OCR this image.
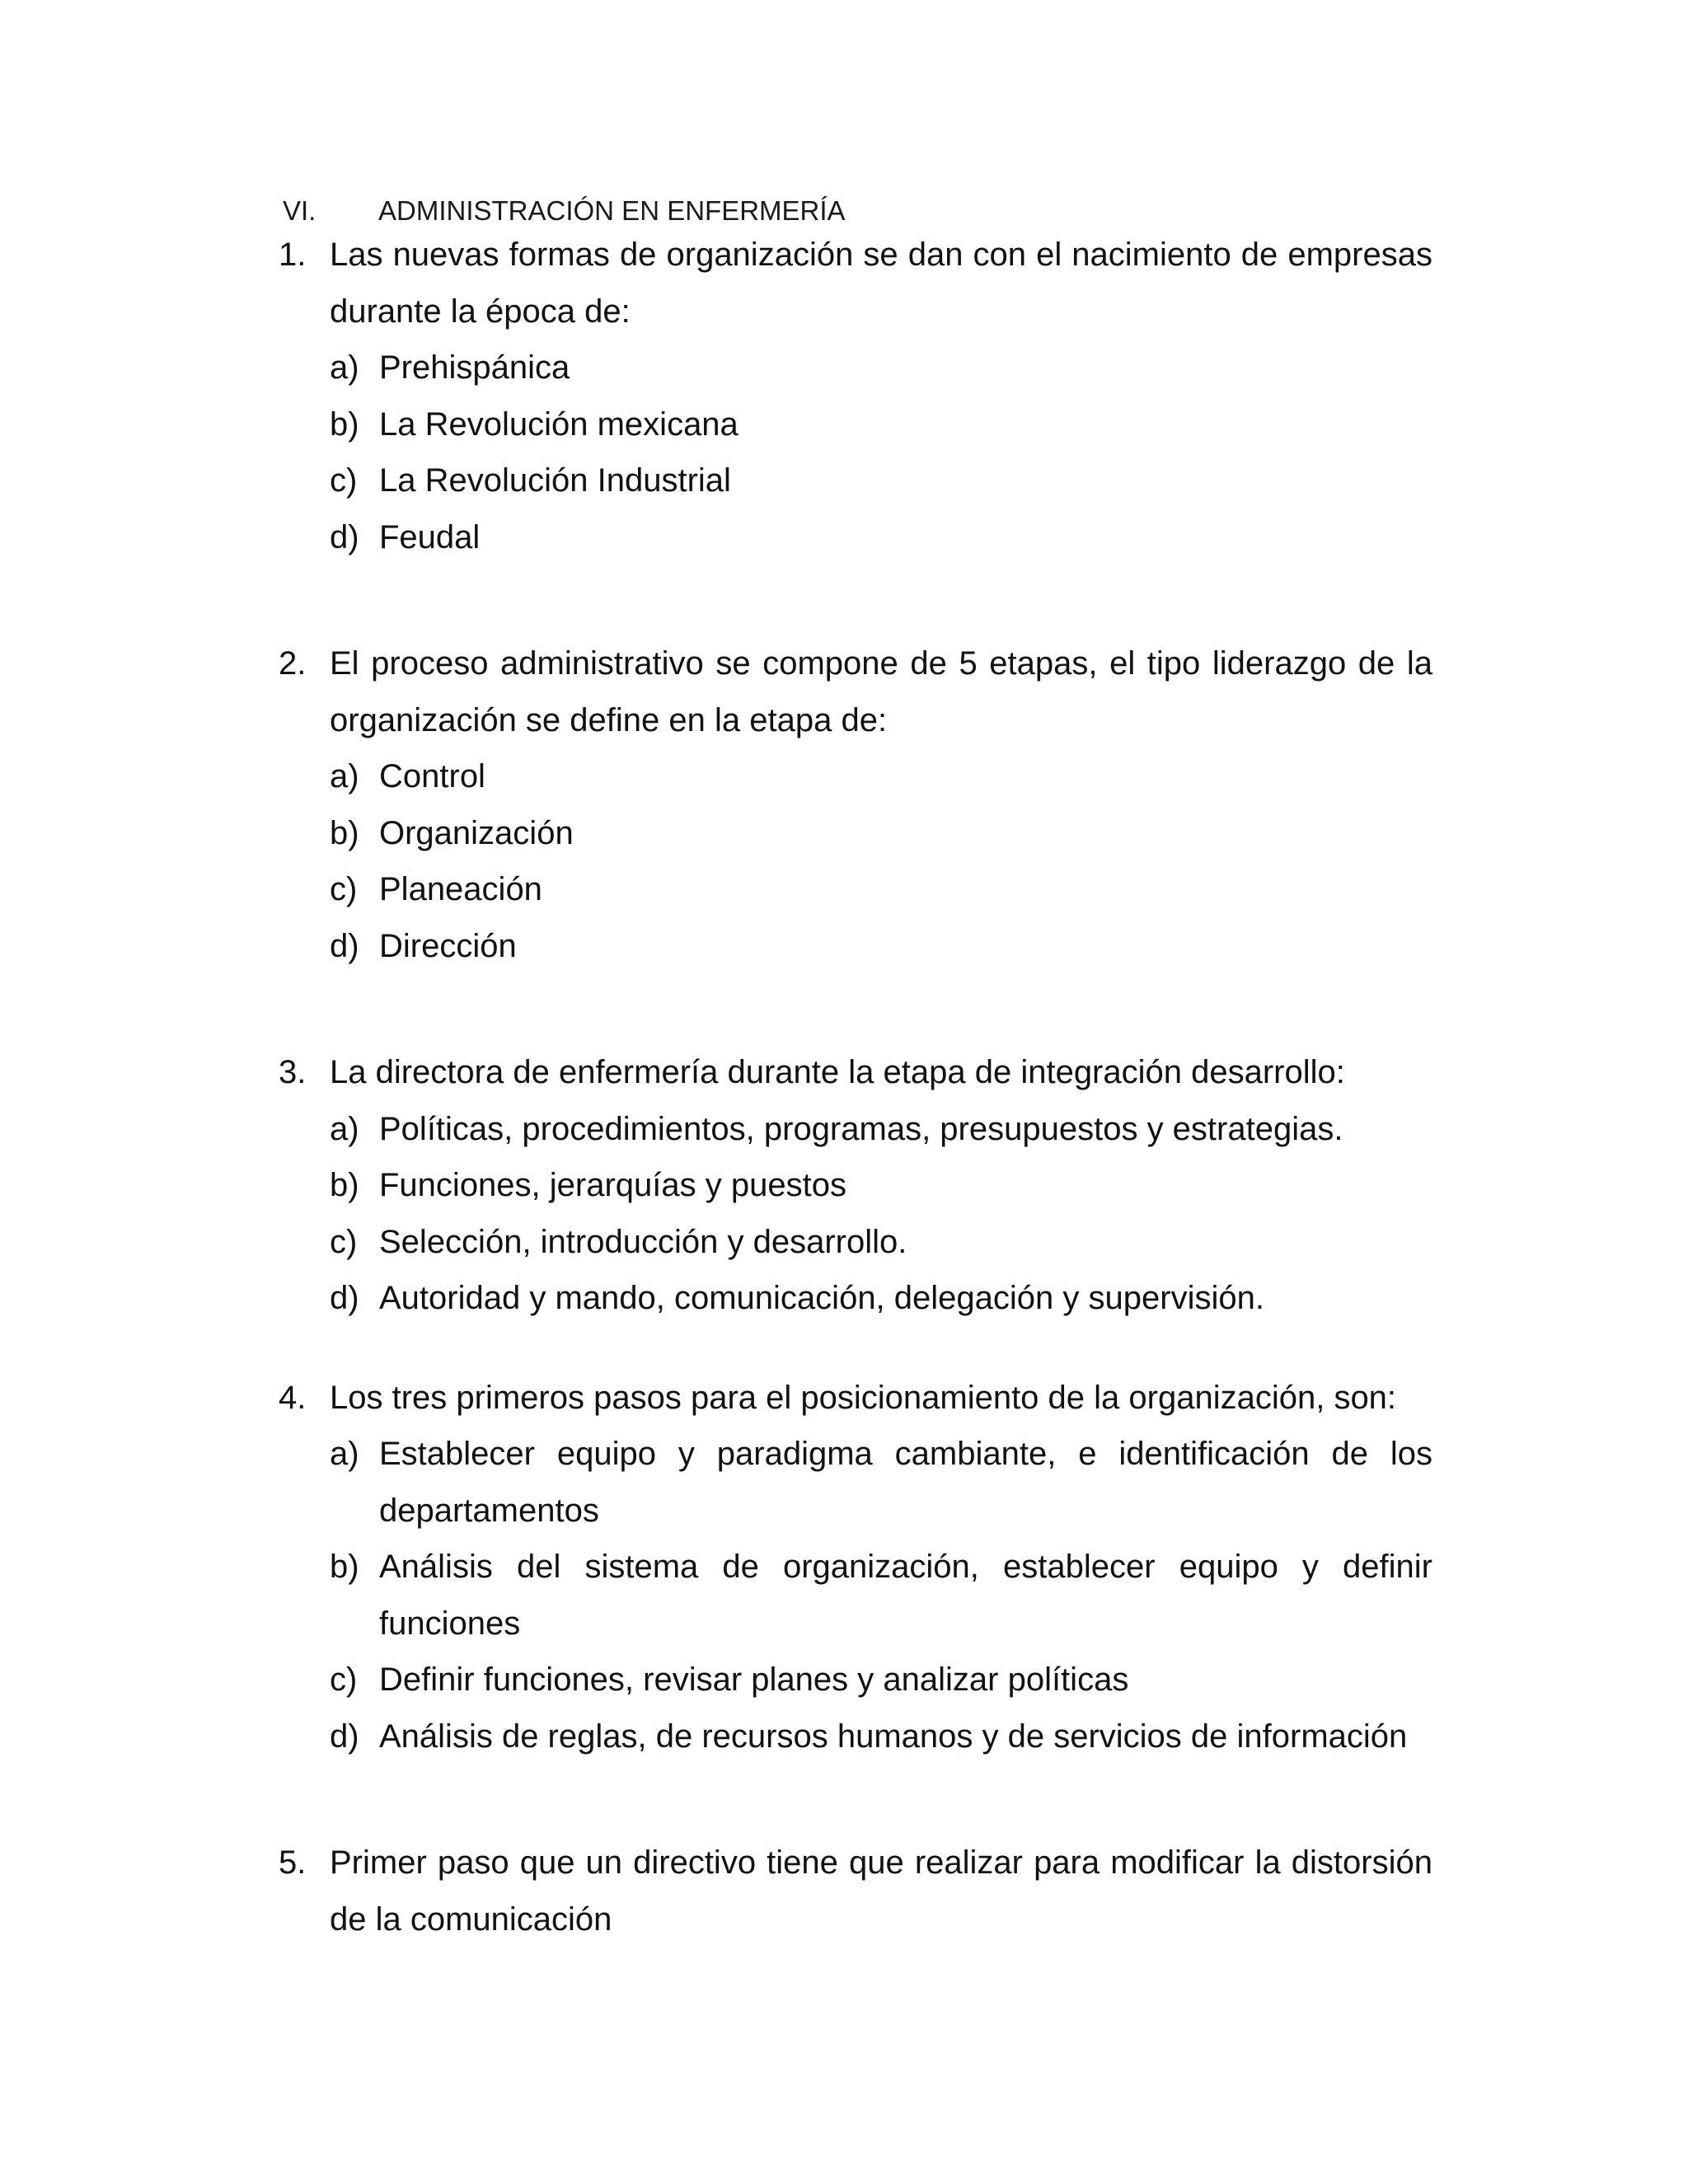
VI. ADMINISTRACIÓN EN ENFERMERÍA
1. Las nuevas formas de organización se dan con el nacimiento de empresas durante la época de:
a) Prehispánica
b) La Revolución mexicana
c) La Revolución Industrial
d) Feudal
2. El proceso administrativo se compone de 5 etapas, el tipo liderazgo de la organización se define en la etapa de:
a) Control
b) Organización
c) Planeación
d) Dirección
3. La directora de enfermería durante la etapa de integración desarrollo:
a) Políticas, procedimientos, programas, presupuestos y estrategias.
b) Funciones, jerarquías y puestos
c) Selección, introducción y desarrollo.
d) Autoridad y mando, comunicación, delegación y supervisión.
4. Los tres primeros pasos para el posicionamiento de la organización, son:
a) Establecer equipo y paradigma cambiante, e identificación de los departamentos
b) Análisis del sistema de organización, establecer equipo y definir funciones
c) Definir funciones, revisar planes y analizar políticas
d) Análisis de reglas, de recursos humanos y de servicios de información
5. Primer paso que un directivo tiene que realizar para modificar la distorsión de la comunicación
